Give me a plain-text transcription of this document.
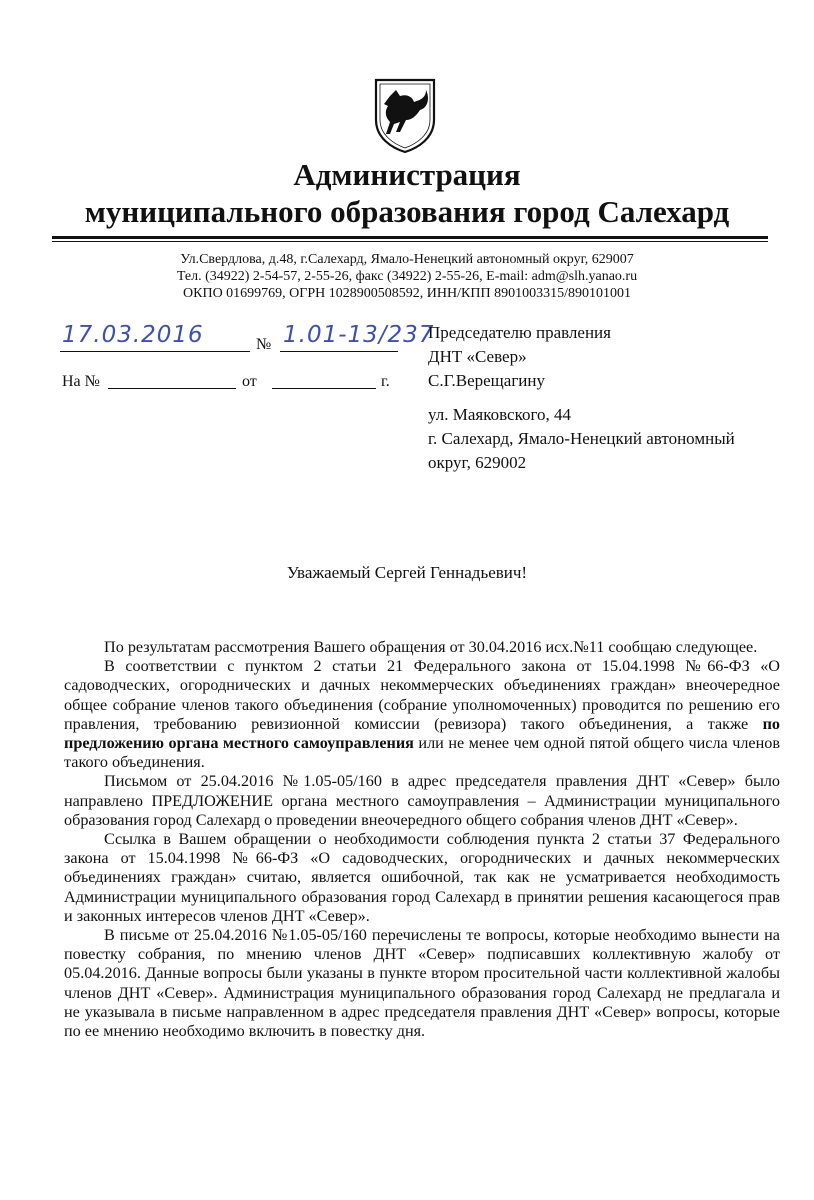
Администрация
муниципального образования город Салехард
Ул.Свердлова, д.48, г.Салехард, Ямало-Ненецкий автономный округ, 629007
Тел. (34922) 2-54-57, 2-55-26, факс (34922) 2-55-26, E-mail: adm@slh.yanao.ru
ОКПО 01699769, ОГРН 1028900508592, ИНН/КПП 8901003315/890101001
17.03.2016	№ 1.01-13/237
На №	от	г.
Председателю правления
ДНТ «Север»
С.Г.Верещагину
ул. Маяковского, 44
г. Салехард, Ямало-Ненецкий автономный
округ, 629002
Уважаемый Сергей Геннадьевич!

По результатам рассмотрения Вашего обращения от 30.04.2016 исх.№11 сообщаю следующее.

В соответствии с пунктом 2 статьи 21 Федерального закона от 15.04.1998 №66-ФЗ «О садоводческих, огороднических и дачных некоммерческих объединениях граждан» внеочередное общее собрание членов такого объединения (собрание уполномоченных) проводится по решению его правления, требованию ревизионной комиссии (ревизора) такого объединения, а также по предложению органа местного самоуправления или не менее чем одной пятой общего числа членов такого объединения.

Письмом от 25.04.2016 №1.05-05/160 в адрес председателя правления ДНТ «Север» было направлено ПРЕДЛОЖЕНИЕ органа местного самоуправления – Администрации муниципального образования город Салехард о проведении внеочередного общего собрания членов ДНТ «Север».

Ссылка в Вашем обращении о необходимости соблюдения пункта 2 статьи 37 Федерального закона от 15.04.1998 №66-ФЗ «О садоводческих, огороднических и дачных некоммерческих объединениях граждан» считаю, является ошибочной, так как не усматривается необходимость Администрации муниципального образования город Салехард в принятии решения касающегося прав и законных интересов членов ДНТ «Север».

В письме от 25.04.2016 №1.05-05/160 перечислены те вопросы, которые необходимо вынести на повестку собрания, по мнению членов ДНТ «Север» подписавших коллективную жалобу от 05.04.2016. Данные вопросы были указаны в пункте втором просительной части коллективной жалобы членов ДНТ «Север». Администрация муниципального образования город Салехард не предлагала и не указывала в письме направленном в адрес председателя правления ДНТ «Север» вопросы, которые по ее мнению необходимо включить в повестку дня.
